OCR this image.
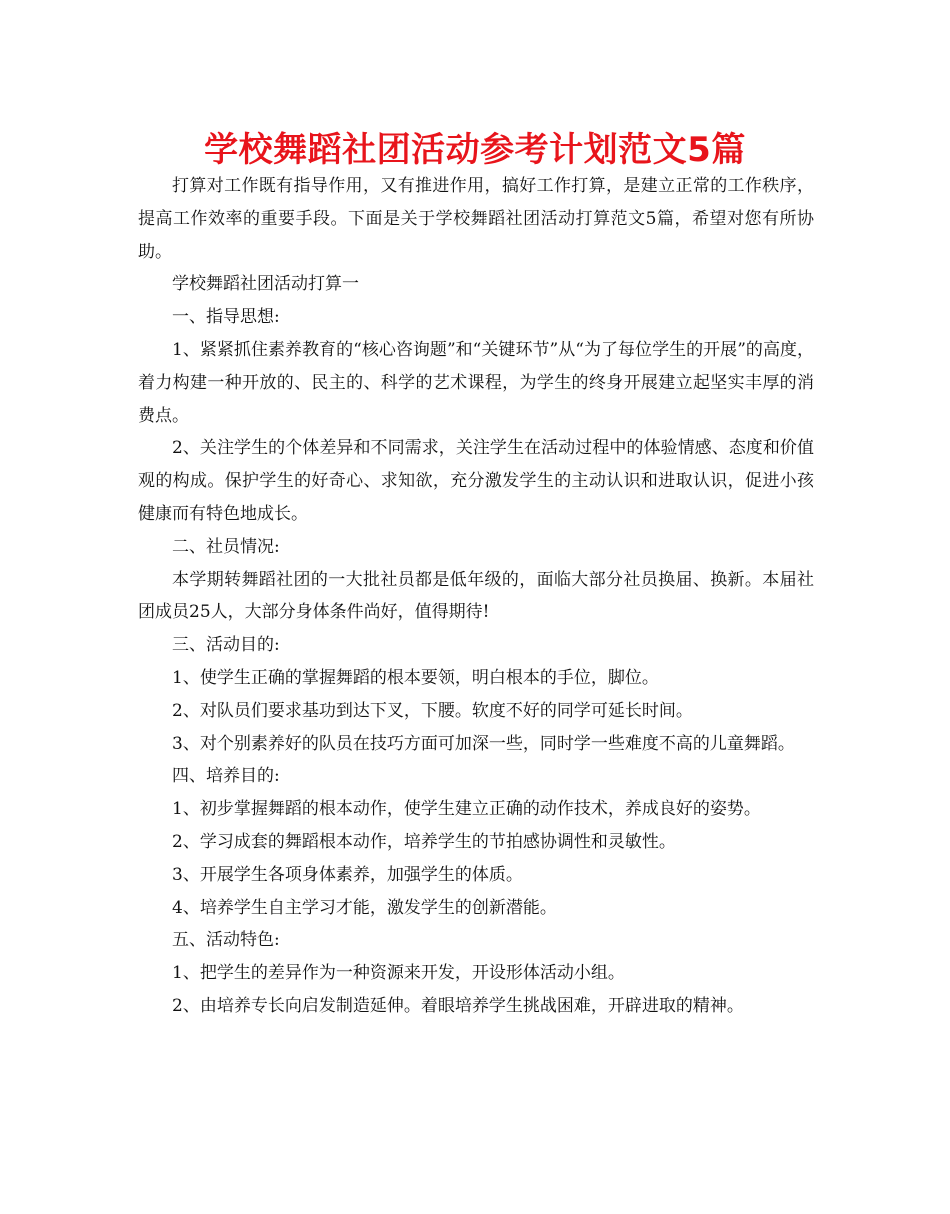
学校舞蹈社团活动参考计划范文5篇

打算对工作既有指导作用，又有推进作用，搞好工作打算，是建立正常的工作秩序，提高工作效率的重要手段。下面是关于学校舞蹈社团活动打算范文5篇，希望对您有所协助。

学校舞蹈社团活动打算一

一、指导思想:

1、紧紧抓住素养教育的“核心咨询题”和“关键环节”从“为了每位学生的开展”的高度，着力构建一种开放的、民主的、科学的艺术课程，为学生的终身开展建立起坚实丰厚的消费点。

2、关注学生的个体差异和不同需求，关注学生在活动过程中的体验情感、态度和价值观的构成。保护学生的好奇心、求知欲，充分激发学生的主动认识和进取认识，促进小孩健康而有特色地成长。

二、社员情况:

本学期转舞蹈社团的一大批社员都是低年级的，面临大部分社员换届、换新。本届社团成员25人，大部分身体条件尚好，值得期待!

三、活动目的:

1、使学生正确的掌握舞蹈的根本要领，明白根本的手位，脚位。

2、对队员们要求基功到达下叉，下腰。软度不好的同学可延长时间。

3、对个别素养好的队员在技巧方面可加深一些，同时学一些难度不高的儿童舞蹈。

四、培养目的:

1、初步掌握舞蹈的根本动作，使学生建立正确的动作技术，养成良好的姿势。

2、学习成套的舞蹈根本动作，培养学生的节拍感协调性和灵敏性。

3、开展学生各项身体素养，加强学生的体质。

4、培养学生自主学习才能，激发学生的创新潜能。

五、活动特色:

1、把学生的差异作为一种资源来开发，开设形体活动小组。

2、由培养专长向启发制造延伸。着眼培养学生挑战困难，开辟进取的精神。
